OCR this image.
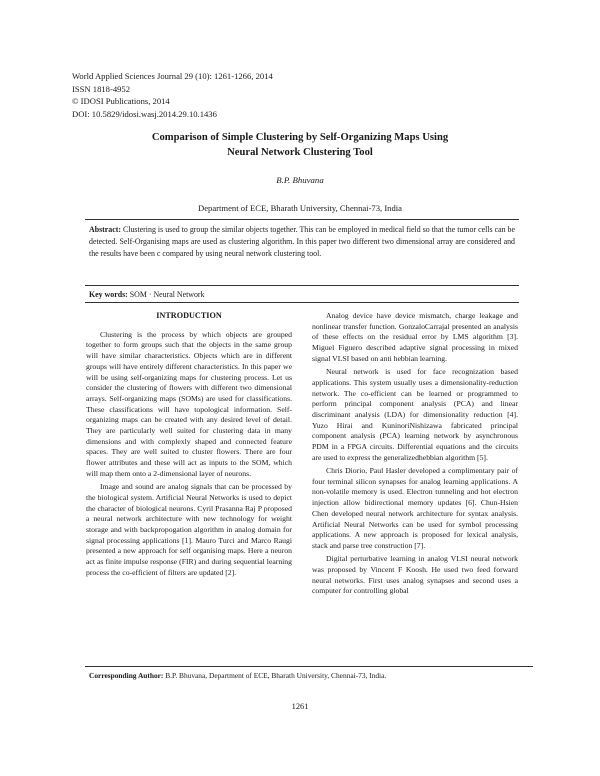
World Applied Sciences Journal 29 (10): 1261-1266, 2014
ISSN 1818-4952
© IDOSI Publications, 2014
DOI: 10.5829/idosi.wasj.2014.29.10.1436
Comparison of Simple Clustering by Self-Organizing Maps Using
Neural Network Clustering Tool
B.P. Bhuvana
Department of ECE, Bharath University, Chennai-73, India
Abstract: Clustering is used to group the similar objects together. This can be employed in medical field so that the tumor cells can be detected. Self-Organising maps are used as clustering algorithm. In this paper two different two dimensional array are considered and the results have been c compared by using neural network clustering tool.
Key words: SOM · Neural Network

INTRODUCTION

Clustering is the process by which objects are grouped together to form groups such that the objects in the same group will have similar characteristics. Objects which are in different groups will have entirely different characteristics. In this paper we will be using self-organizing maps for clustering process. Let us consider the clustering of flowers with different two dimensional arrays. Self-organizing maps (SOMs) are used for classifications. These classifications will have topological information. Self-organizing maps can be created with any desired level of detail. They are particularly well suited for clustering data in many dimensions and with complexly shaped and connected feature spaces. They are well suited to cluster flowers. There are four flower attributes and these will act as inputs to the SOM, which will map them onto a 2-dimensional layer of neurons.

Image and sound are analog signals that can be processed by the biological system. Artificial Neural Networks is used to depict the character of biological neurons. Cyril Prasanna Raj P proposed a neural network architecture with new technology for weight storage and with backpropogation algorithm in analog domain for signal processing applications [1]. Mauro Turci and Marco Raugi presented a new approach for self organising maps. Here a neuron act as finite impulse response (FIR) and during sequential learning process the co-efficient of filters are updated [2].

Analog device have device mismatch, charge leakage and nonlinear transfer function. GonzaloCarrajal presented an analysis of these effects on the residual error by LMS algorithm [3]. Miguel Figuero described adaptive signal processing in mixed signal VLSI based on anti hebbian learning.

Neural network is used for face recognization based applications. This system usually uses a dimensionality-reduction network. The co-efficient can be learned or programmed to perform principal component analysis (PCA) and linear discriminant analysis (LDA) for dimensionality reduction [4]. Yuzo Hirai and KuninoriNishizawa fabricated principal component analysis (PCA) learning network by asynchronous PDM in a FPGA circuits. Differential equations and the circuits are used to express the generalizedhebbian algorithm [5].

Chris Diorio, Paul Hasler developed a complimentary pair of four terminal silicon synapses for analog learning applications. A non-volatile memory is used. Electron tunneling and hot electron injection allow bidirectional memory updates [6]. Chun-Hsien Chen developed neural network architecture for syntax analysis. Artificial Neural Networks can be used for symbol processing applications. A new approach is proposed for lexical analysis, stack and parse tree construction [7].

Digital perturbative learning in analog VLSI neural network was proposed by Vincent F Koosh. He used two feed forward neural networks. First uses analog synapses and second uses a computer for controlling global

Corresponding Author: B.P. Bhuvana, Department of ECE, Bharath University, Chennai-73, India.
1261
